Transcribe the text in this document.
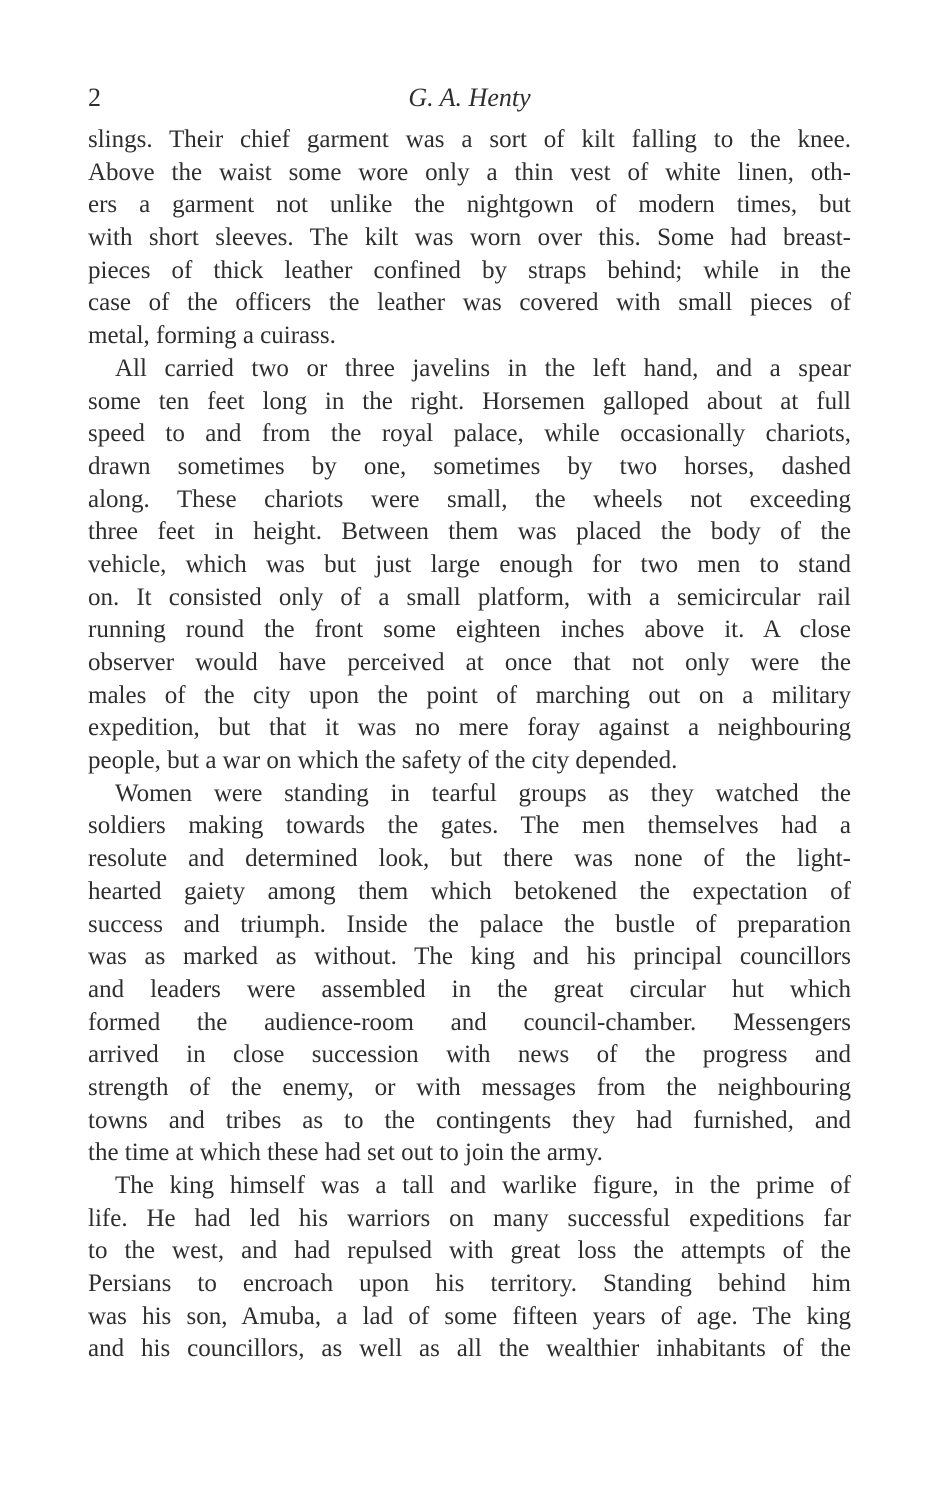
2	G. A. Henty
slings. Their chief garment was a sort of kilt falling to the knee.
Above the waist some wore only a thin vest of white linen, oth-
ers a garment not unlike the nightgown of modern times, but
with short sleeves. The kilt was worn over this. Some had breast-
pieces of thick leather confined by straps behind; while in the
case of the officers the leather was covered with small pieces of
metal, forming a cuirass.
All carried two or three javelins in the left hand, and a spear
some ten feet long in the right. Horsemen galloped about at full
speed to and from the royal palace, while occasionally chariots,
drawn sometimes by one, sometimes by two horses, dashed
along. These chariots were small, the wheels not exceeding
three feet in height. Between them was placed the body of the
vehicle, which was but just large enough for two men to stand
on. It consisted only of a small platform, with a semicircular rail
running round the front some eighteen inches above it. A close
observer would have perceived at once that not only were the
males of the city upon the point of marching out on a military
expedition, but that it was no mere foray against a neighbouring
people, but a war on which the safety of the city depended.
Women were standing in tearful groups as they watched the
soldiers making towards the gates. The men themselves had a
resolute and determined look, but there was none of the light-
hearted gaiety among them which betokened the expectation of
success and triumph. Inside the palace the bustle of preparation
was as marked as without. The king and his principal councillors
and leaders were assembled in the great circular hut which
formed the audience-room and council-chamber. Messengers
arrived in close succession with news of the progress and
strength of the enemy, or with messages from the neighbouring
towns and tribes as to the contingents they had furnished, and
the time at which these had set out to join the army.
The king himself was a tall and warlike figure, in the prime of
life. He had led his warriors on many successful expeditions far
to the west, and had repulsed with great loss the attempts of the
Persians to encroach upon his territory. Standing behind him
was his son, Amuba, a lad of some fifteen years of age. The king
and his councillors, as well as all the wealthier inhabitants of the
